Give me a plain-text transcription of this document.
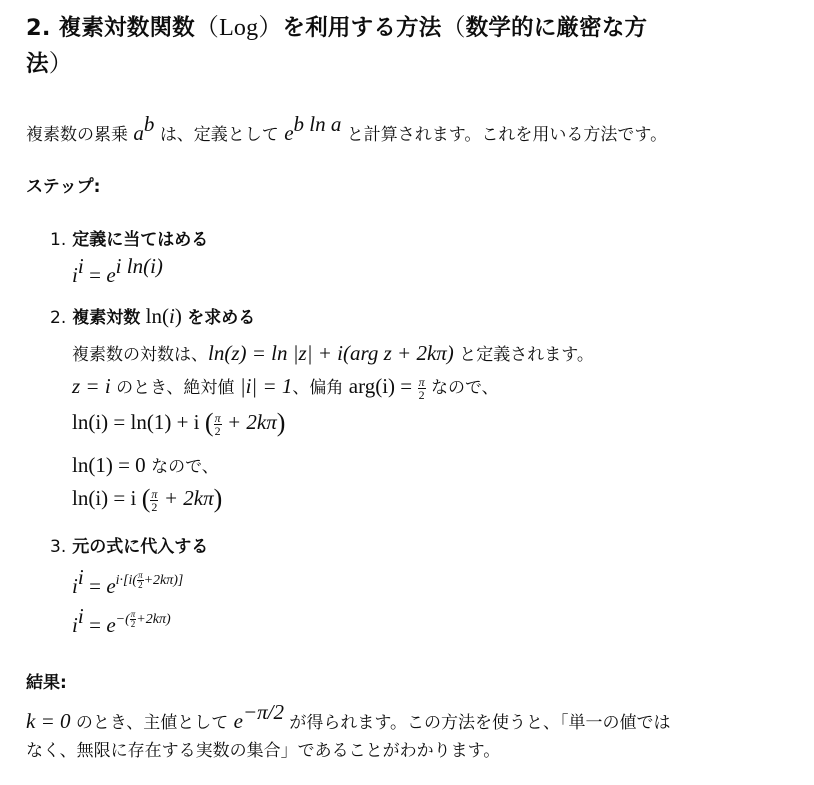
2. 複素対数関数（Log）を利用する方法（数学的に厳密な方
法）
複素数の累乗 ab は、定義として eb ln a と計算されます。これを用いる方法です。
ステップ:
1. 定義に当てはめる
ii = ei ln(i)
2. 複素対数 ln(i) を求める
複素数の対数は、ln(z) = ln |z| + i(arg z + 2kπ) と定義されます。
z = i のとき、絶対値 |i| = 1、偏角 $arg(i) = \frac{\pi}{2}$ なので、
ln(i) = ln(1) + i ( $\frac{\pi}{2} + 2k\pi$)
ln(1) = 0 なので、
ln(i) = i ( $\frac{\pi}{2} + 2k\pi$)
3. 元の式に代入する
ii = $e^{i\cdot[i( \frac{\pi}{2} +2k\pi)]}$
ii = $e^{-( \frac{\pi}{2} +2k\pi)}$
結果:
k = 0 のとき、主値として e−π/2 が得られます。この方法を使うと、「単一の値では
なく、無限に存在する実数の集合」であることがわかります。
